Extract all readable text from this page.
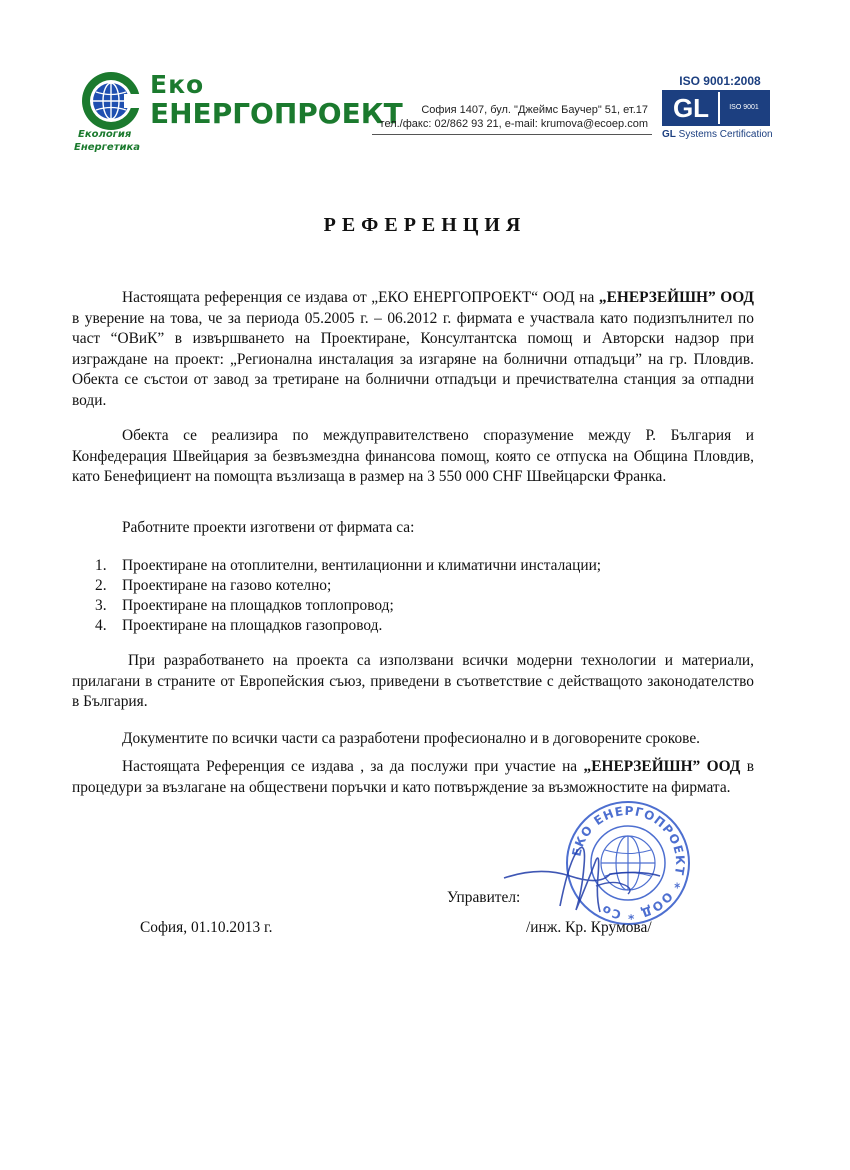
Екология
Енергетика
Еко
ЕНЕРГОПРОЕКТ	София 1407, бул. "Джеймс Баучер" 51, ет.17
тел./факс: 02/862 93 21, e-mail: krumova@ecoep.com
ISO 9001:2008
GL	ISO 9001
GL Systems Certification
РЕФЕРЕНЦИЯ
Настоящата референция се издава от „ЕКО ЕНЕРГОПРОЕКТ“ ООД на „ЕНЕРЗЕЙШН” ООД в уверение на това, че за периода 05.2005 г. – 06.2012 г. фирмата е участвала като подизпълнител по част “ОВиК” в извършването на Проектиране, Консултантска помощ и Авторски надзор при изграждане на проект: „Регионална инсталация за изгаряне на болнични отпадъци” на гр. Пловдив. Обекта се състои от завод за третиране на болнични отпадъци и пречиствателна станция за отпадни води.
Обекта се реализира по междуправителствено споразумение между Р. България и Конфедерация Швейцария за безвъзмездна финансова помощ, която се отпуска на Община Пловдив, като Бенефициент на помощта възлизаща в размер на 3 550 000 CHF Швейцарски Франка.
Работните проекти изготвени от фирмата са:
1.	Проектиране на отоплителни, вентилационни и климатични инсталации;
2.	Проектиране на газово котелно;
3.	Проектиране на площадков топлопровод;
4.	Проектиране на площадков газопровод.
При разработването на проекта са използвани всички модерни технологии и материали, прилагани в страните от Европейския съюз, приведени в съответствие с действащото законодателство в България.
Документите по всички части са разработени професионално и в договорените срокове.
Настоящата Референция се издава , за да послужи при участие на „ЕНЕРЗЕЙШН” ООД в процедури за възлагане на обществени поръчки и като потвърждение за възможностите на фирмата.
ЕКО ЕНЕРГОПРОЕКТ * ООД * Со
Управител:
София, 01.10.2013 г.	/инж. Кр. Крумова/
